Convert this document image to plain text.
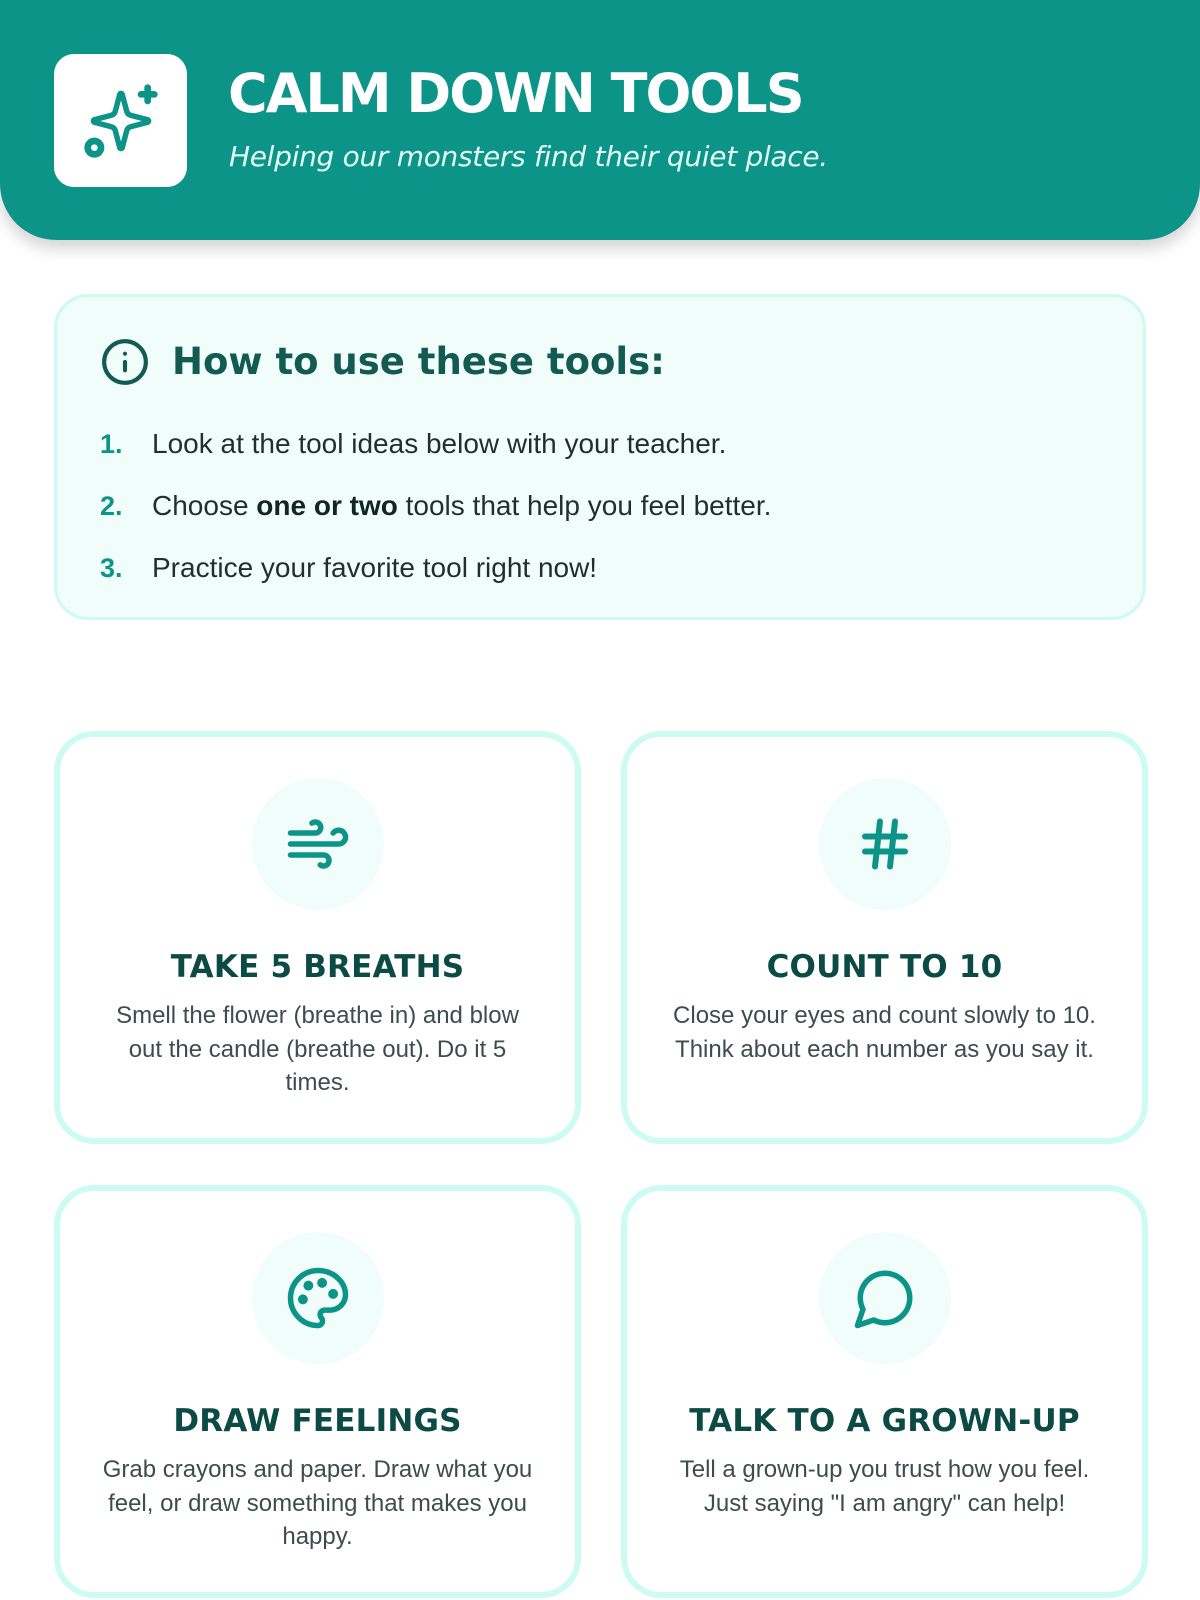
CALM DOWN TOOLS

Helping our monsters find their quiet place.

How to use these tools:
1.	Look at the tool ideas below with your teacher.
2.	Choose one or two tools that help you feel better.
3.	Practice your favorite tool right now!
TAKE 5 BREATHS

Smell the flower (breathe in) and blow out the candle (breathe out). Do it 5 times.

COUNT TO 10

Close your eyes and count slowly to 10. Think about each number as you say it.

DRAW FEELINGS

Grab crayons and paper. Draw what you feel, or draw something that makes you happy.

TALK TO A GROWN-UP

Tell a grown-up you trust how you feel. Just saying "I am angry" can help!
